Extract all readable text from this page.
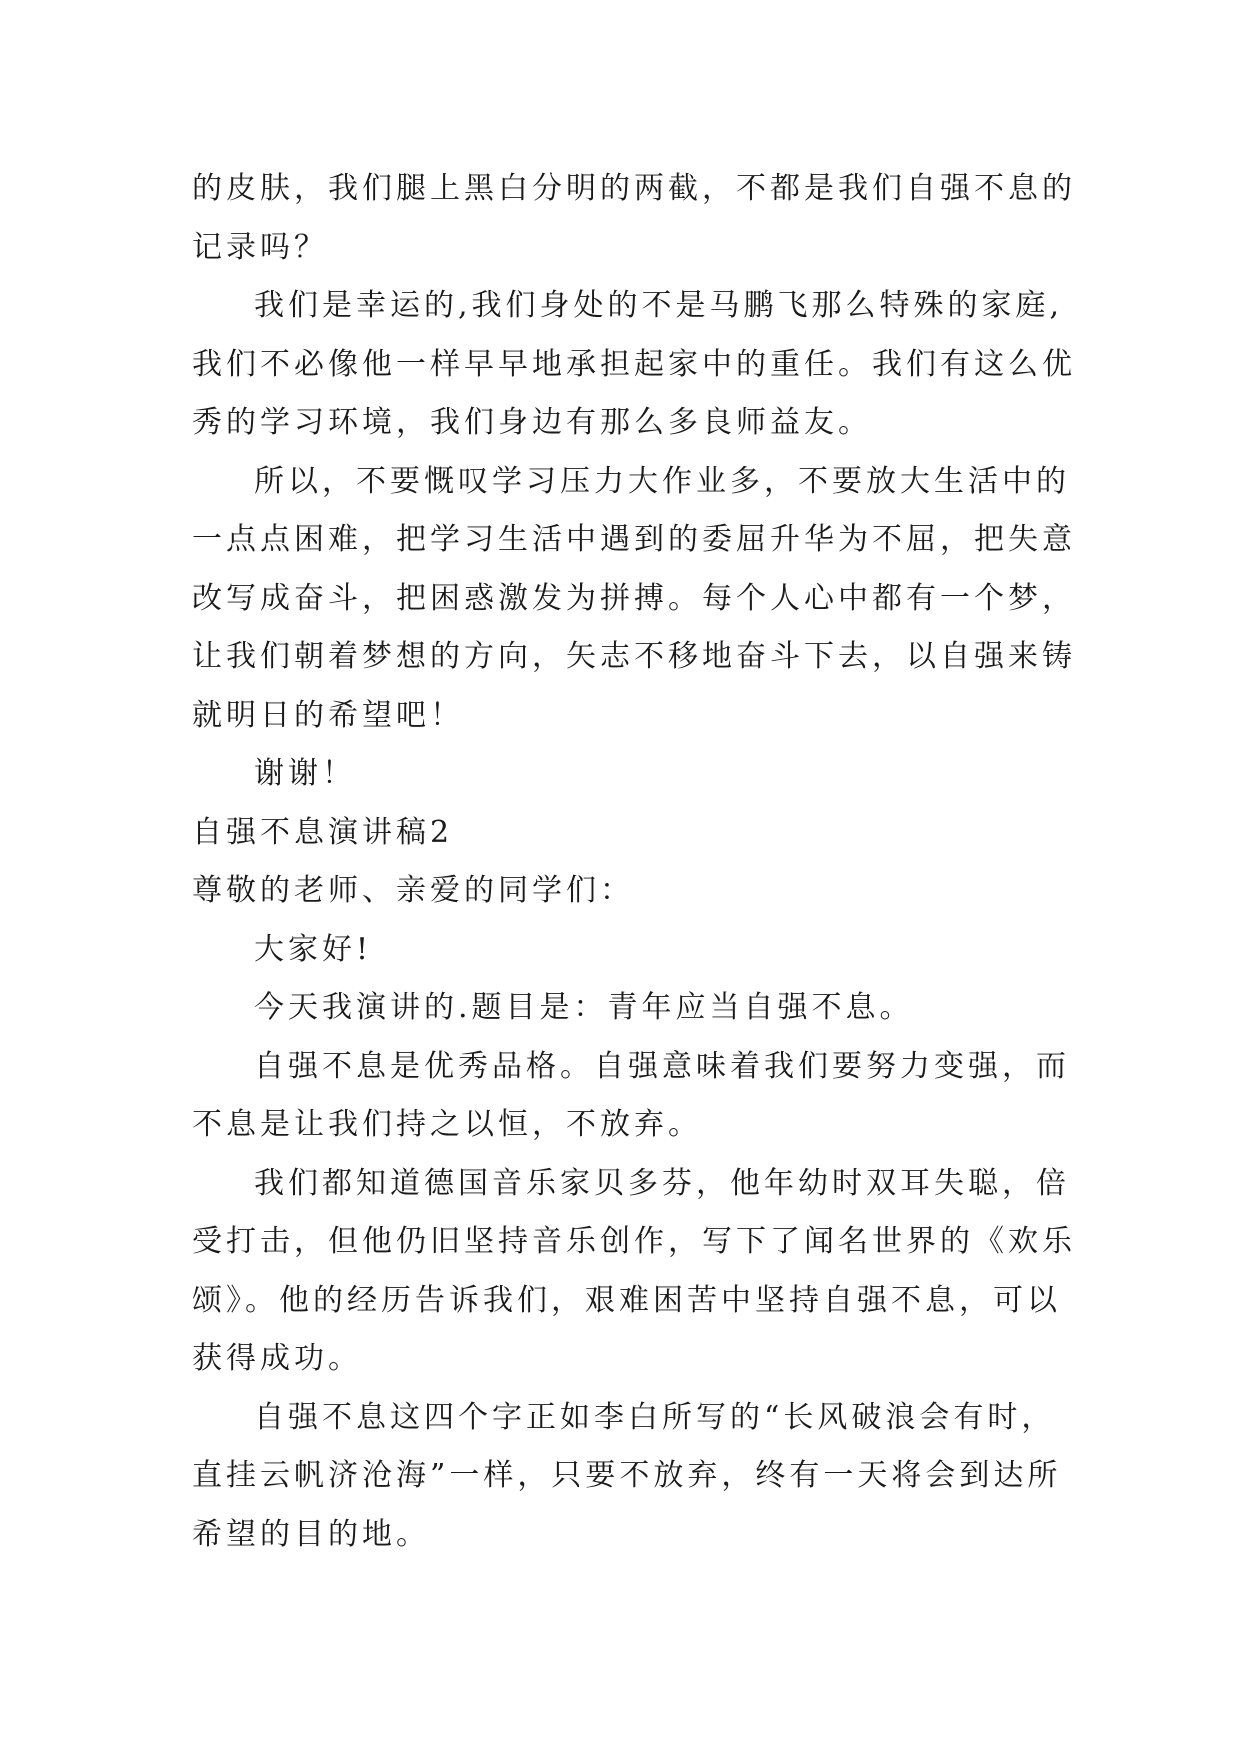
的皮肤，我们腿上黑白分明的两截，不都是我们自强不息的
记录吗？
我们是幸运的,我们身处的不是马鹏飞那么特殊的家庭,
我们不必像他一样早早地承担起家中的重任。我们有这么优
秀的学习环境，我们身边有那么多良师益友。
所以，不要慨叹学习压力大作业多，不要放大生活中的
一点点困难，把学习生活中遇到的委屈升华为不屈，把失意
改写成奋斗，把困惑激发为拼搏。每个人心中都有一个梦，
让我们朝着梦想的方向，矢志不移地奋斗下去，以自强来铸
就明日的希望吧！
谢谢！
自强不息演讲稿2
尊敬的老师、亲爱的同学们：
大家好!
今天我演讲的.题目是：青年应当自强不息。
自强不息是优秀品格。自强意味着我们要努力变强，而
不息是让我们持之以恒，不放弃。
我们都知道德国音乐家贝多芬，他年幼时双耳失聪，倍
受打击，但他仍旧坚持音乐创作，写下了闻名世界的《欢乐
颂》。他的经历告诉我们，艰难困苦中坚持自强不息，可以
获得成功。
自强不息这四个字正如李白所写的“长风破浪会有时，
直挂云帆济沧海”一样，只要不放弃，终有一天将会到达所
希望的目的地。
